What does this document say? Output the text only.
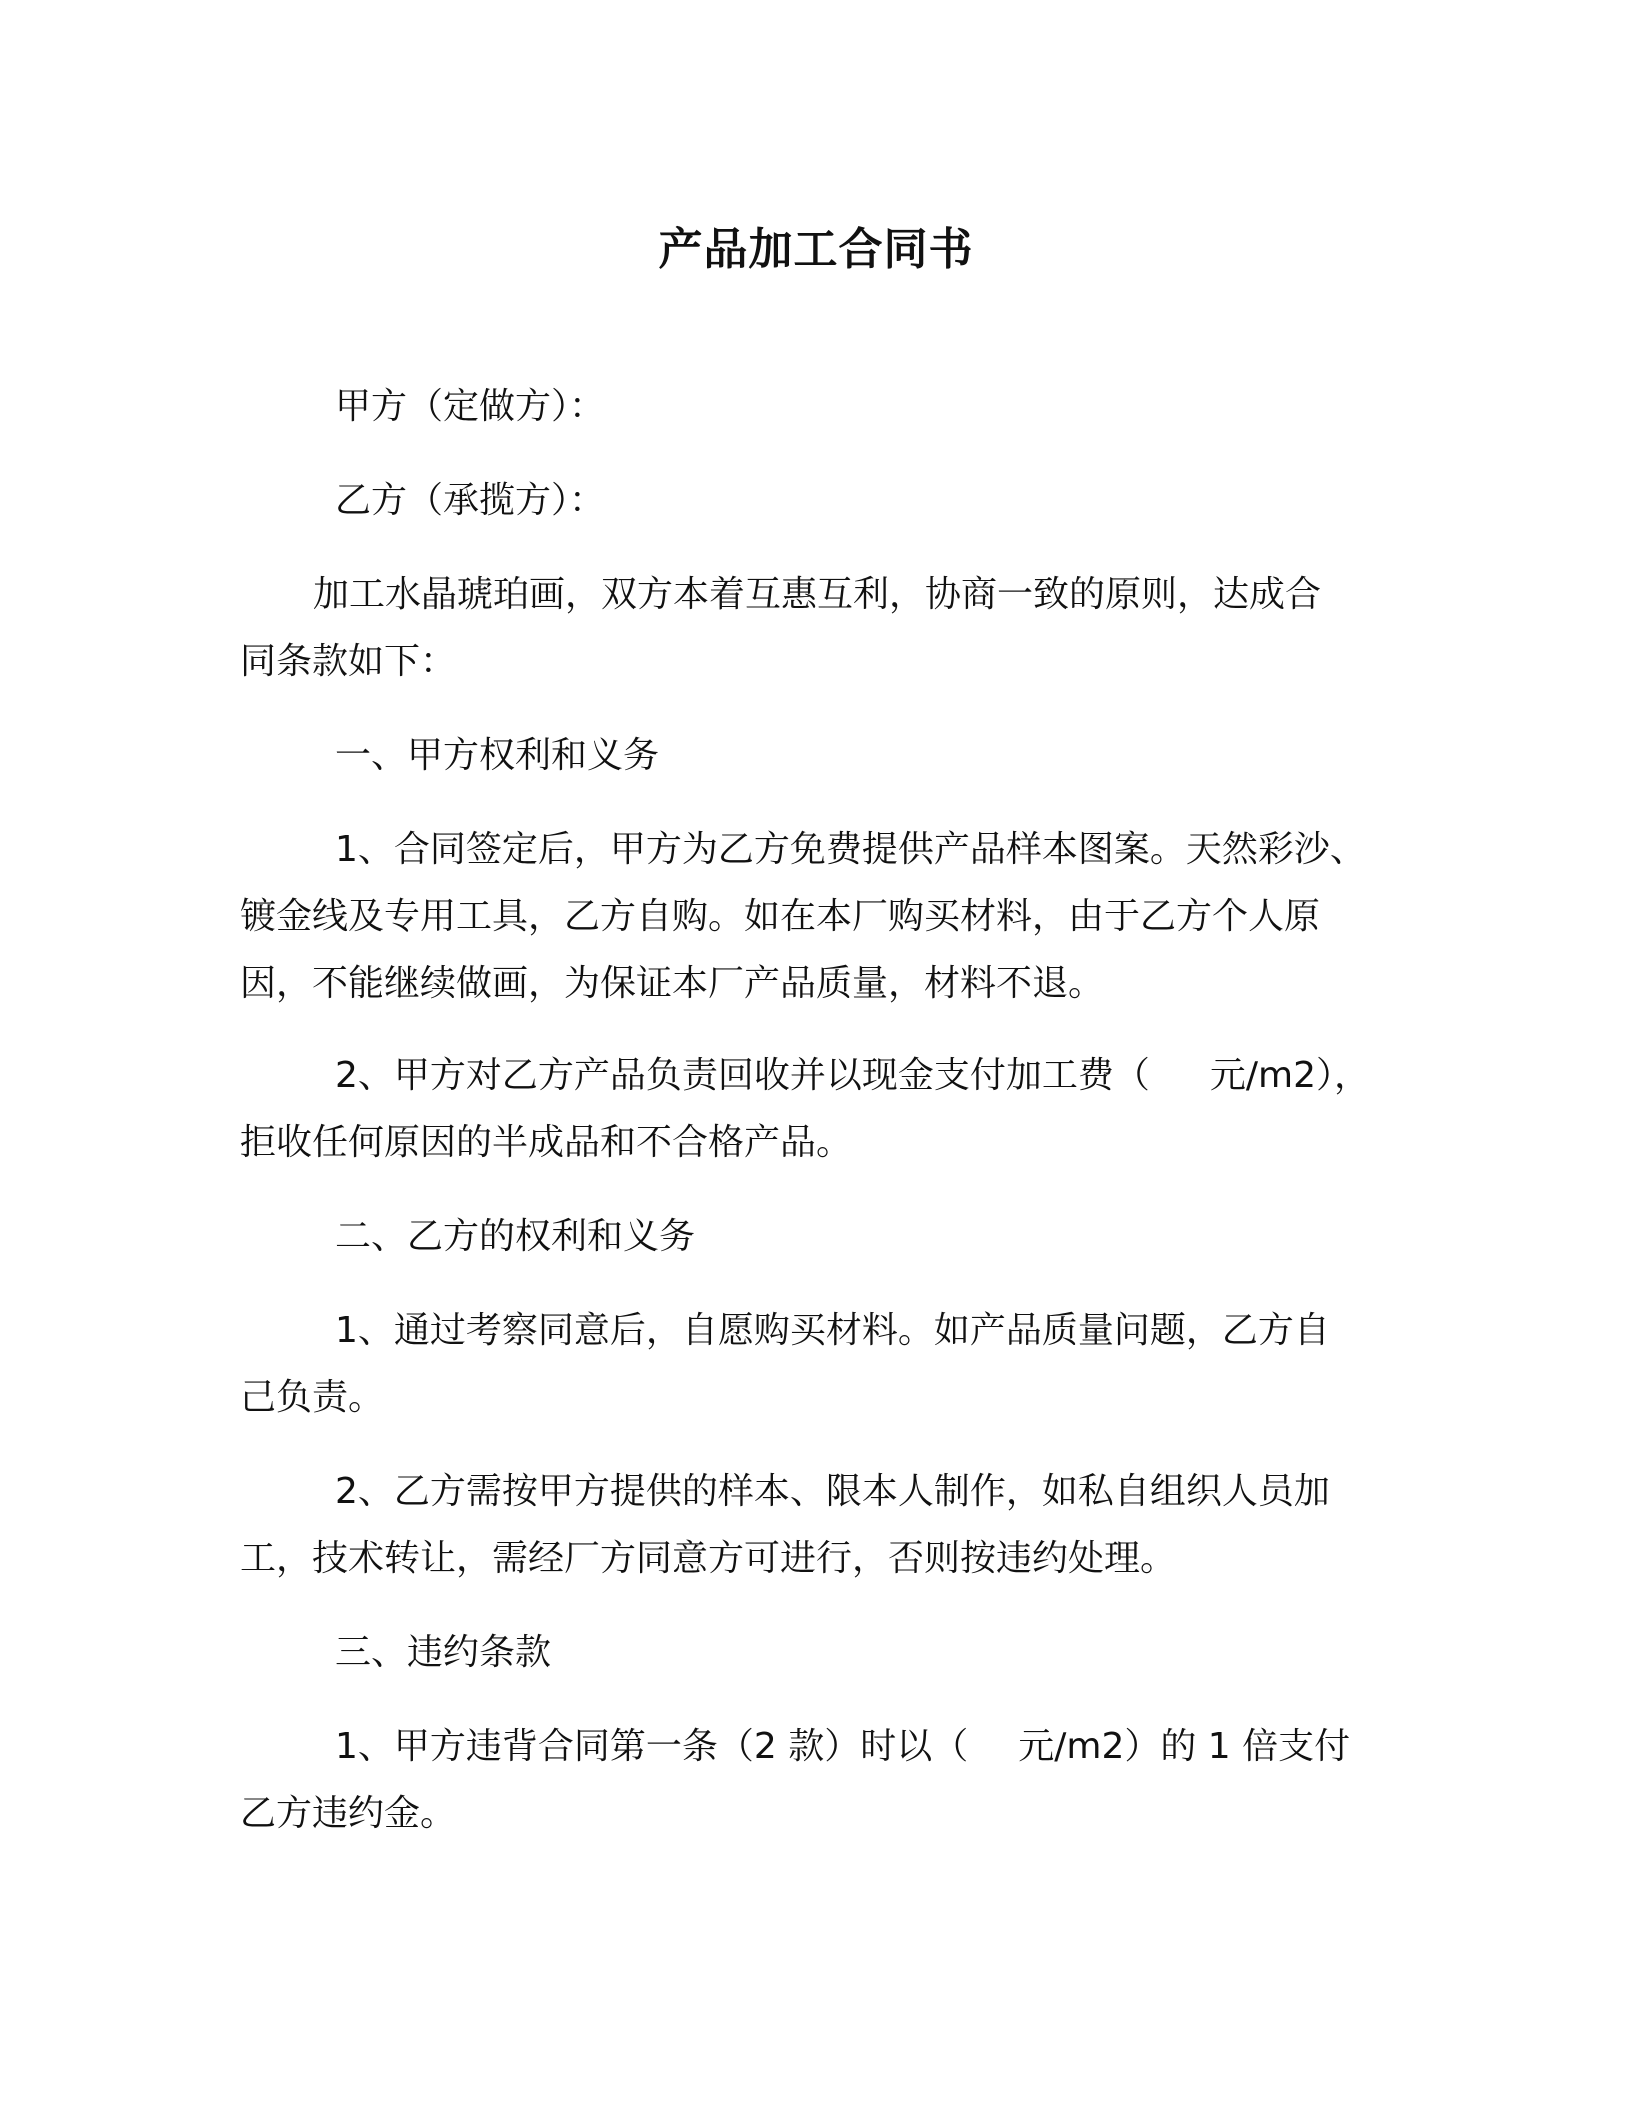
产品加工合同书

甲方（定做方）：

乙方（承揽方）：

加工水晶琥珀画，双方本着互惠互利，协商一致的原则，达成合
同条款如下：

一、甲方权利和义务

1、合同签定后，甲方为乙方免费提供产品样本图案。天然彩沙、
镀金线及专用工具，乙方自购。如在本厂购买材料，由于乙方个人原
因，不能继续做画，为保证本厂产品质量，材料不退。

2、甲方对乙方产品负责回收并以现金支付加工费（ 元/m2），
拒收任何原因的半成品和不合格产品。

二、乙方的权利和义务

1、通过考察同意后，自愿购买材料。如产品质量问题，乙方自
己负责。

2、乙方需按甲方提供的样本、限本人制作，如私自组织人员加
工，技术转让，需经厂方同意方可进行，否则按违约处理。

三、违约条款

1、甲方违背合同第一条（2 款）时以（ 元/m2）的 1 倍支付
乙方违约金。
